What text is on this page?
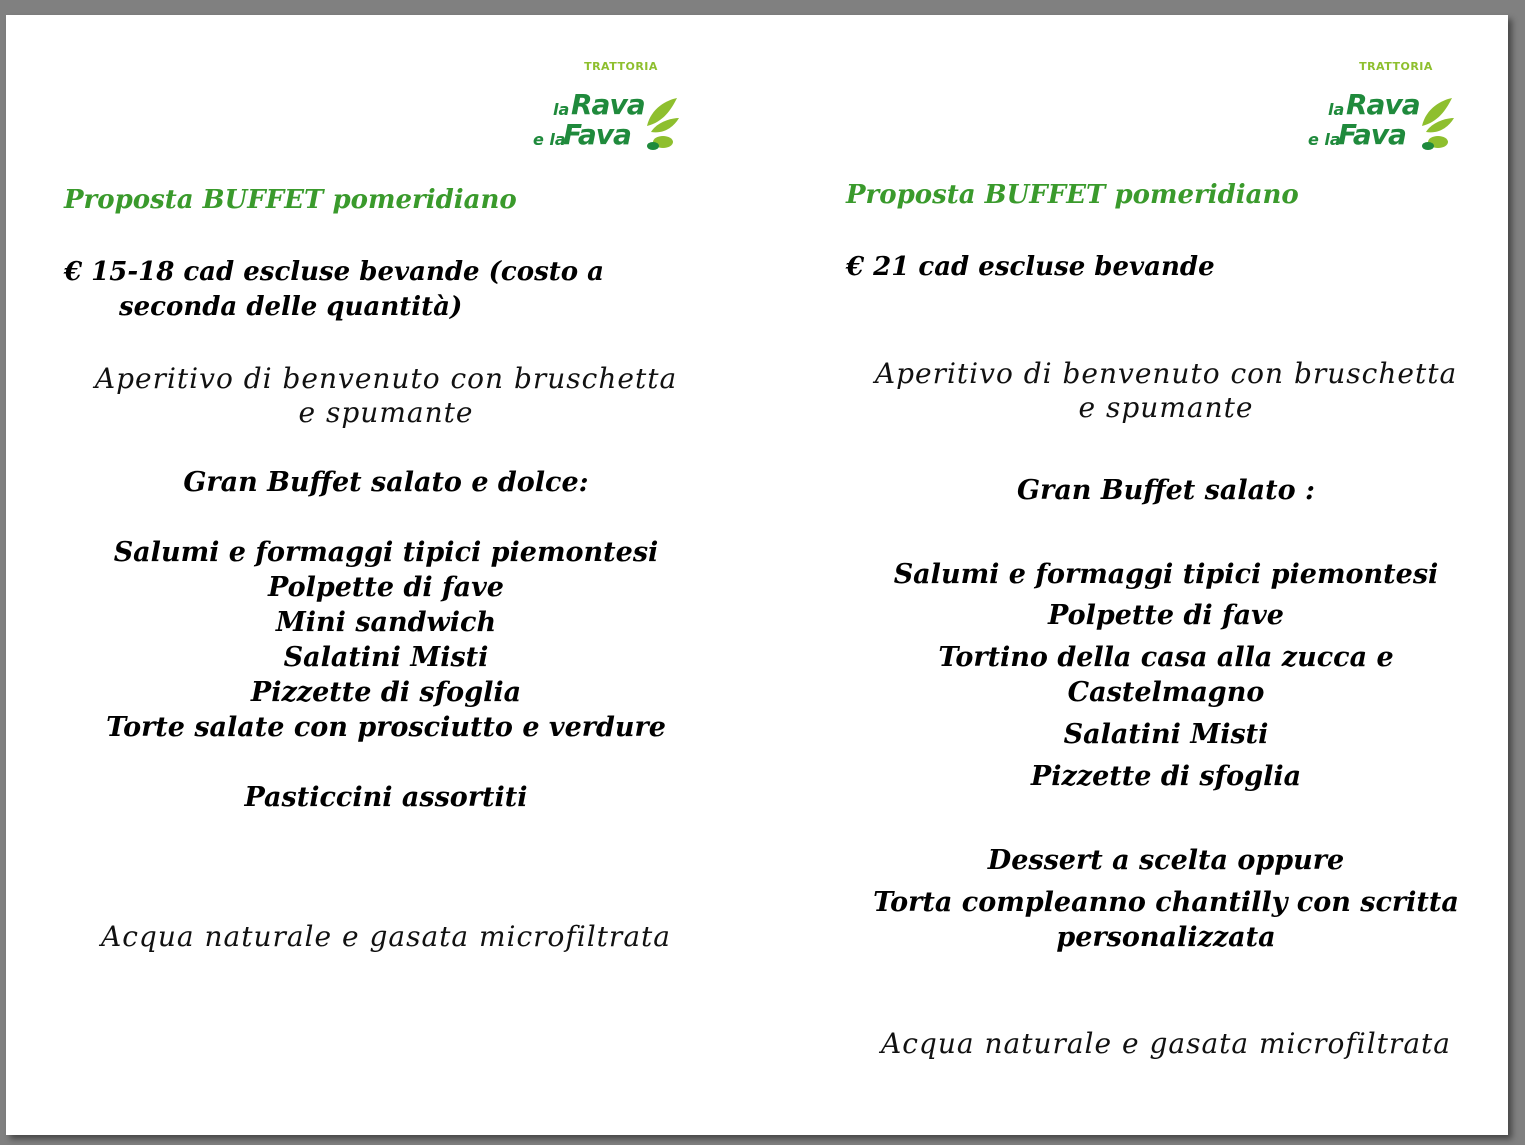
TRATTORIA
la Rava
e la
Fava

Proposta BUFFET pomeridiano

€ 15-18 cad escluse bevande (costo a

seconda delle quantità)

Aperitivo di benvenuto con bruschetta

e spumante

Gran Buffet salato e dolce:

Salumi e formaggi tipici piemontesi

Polpette di fave

Mini sandwich

Salatini Misti

Pizzette di sfoglia

Torte salate con prosciutto e verdure

Pasticcini assortiti

Acqua naturale e gasata microfiltrata

TRATTORIA
la Rava
e la
Fava

Proposta BUFFET pomeridiano

€ 21 cad escluse bevande

Aperitivo di benvenuto con bruschetta

e spumante

Gran Buffet salato :

Salumi e formaggi tipici piemontesi

Polpette di fave

Tortino della casa alla zucca e

Castelmagno

Salatini Misti

Pizzette di sfoglia

Dessert a scelta oppure

Torta compleanno chantilly con scritta

personalizzata

Acqua naturale e gasata microfiltrata
